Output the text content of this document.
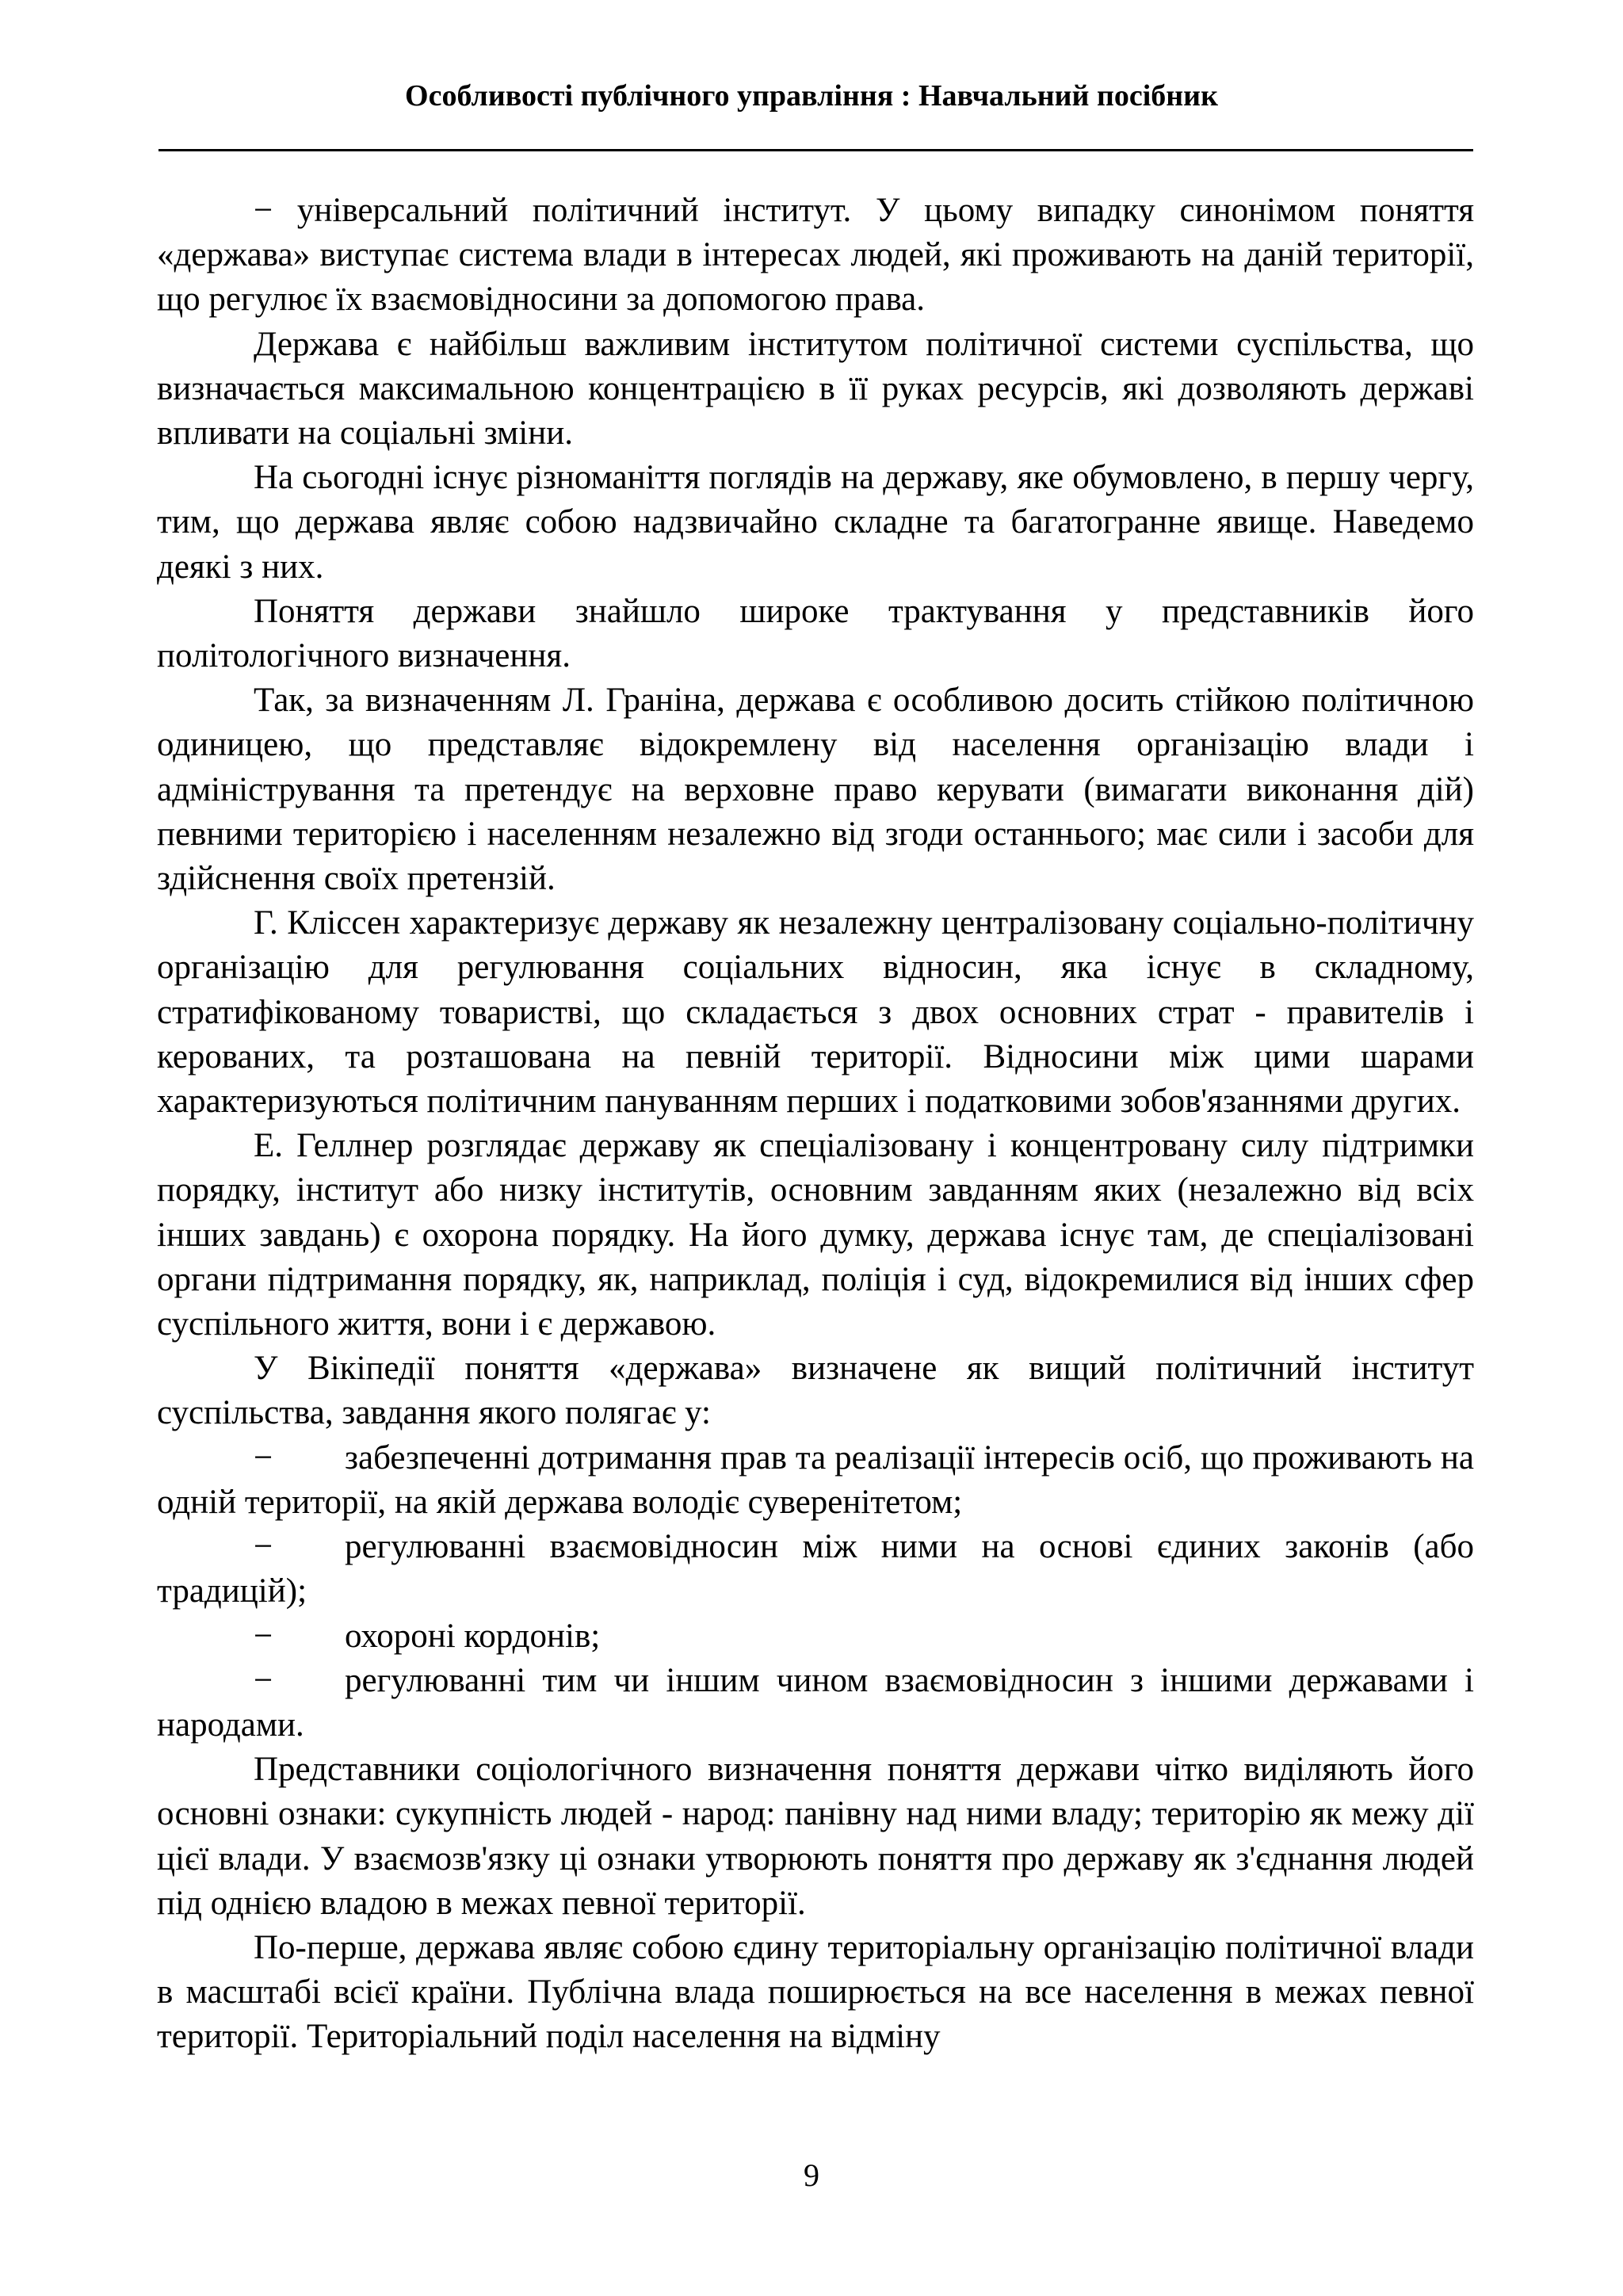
Особливості публічного управління : Навчальний посібник

− універсальний політичний інститут. У цьому випадку синонімом поняття «держава» виступає система влади в інтересах людей, які проживають на даній території, що регулює їх взаємовідносини за допомогою права.

Держава є найбільш важливим інститутом політичної системи суспільства, що визначається максимальною концентрацією в її руках ресурсів, які дозволяють державі впливати на соціальні зміни.

На сьогодні існує різноманіття поглядів на державу, яке обумовлено, в першу чергу, тим, що держава являє собою надзвичайно складне та багатогранне явище. Наведемо деякі з них.

Поняття держави знайшло широке трактування у представників його політологічного визначення.

Так, за визначенням Л. Граніна, держава є особливою досить стійкою політичною одиницею, що представляє відокремлену від населення організацію влади і адміністрування та претендує на верховне право керувати (вимагати виконання дій) певними територією і населенням незалежно від згоди останнього; має сили і засоби для здійснення своїх претензій.

Г. Кліссен характеризує державу як незалежну централізовану соціально-політичну організацію для регулювання соціальних відносин, яка існує в складному, стратифікованому товаристві, що складається з двох основних страт - правителів і керованих, та розташована на певній території. Відносини між цими шарами характеризуються політичним пануванням перших і податковими зобов'язаннями других.

Е. Геллнер розглядає державу як спеціалізовану і концентровану силу підтримки порядку, інститут або низку інститутів, основним завданням яких (незалежно від всіх інших завдань) є охорона порядку. На його думку, держава існує там, де спеціалізовані органи підтримання порядку, як, наприклад, поліція і суд, відокремилися від інших сфер суспільного життя, вони і є державою.

У Вікіпедії поняття «держава» визначене як вищий політичний інститут суспільства, завдання якого полягає у:

− забезпеченні дотримання прав та реалізації інтересів осіб, що проживають на одній території, на якій держава володіє суверенітетом;

− регулюванні взаємовідносин між ними на основі єдиних законів (або традицій);

− охороні кордонів;

− регулюванні тим чи іншим чином взаємовідносин з іншими державами і народами.

Представники соціологічного визначення поняття держави чітко виділяють його основні ознаки: сукупність людей - народ: панівну над ними владу; територію як межу дії цієї влади. У взаємозв'язку ці ознаки утворюють поняття про державу як з'єднання людей під однією владою в межах певної території.

По-перше, держава являє собою єдину територіальну організацію політичної влади в масштабі всієї країни. Публічна влада поширюється на все населення в межах певної території. Територіальний поділ населення на відміну

9
